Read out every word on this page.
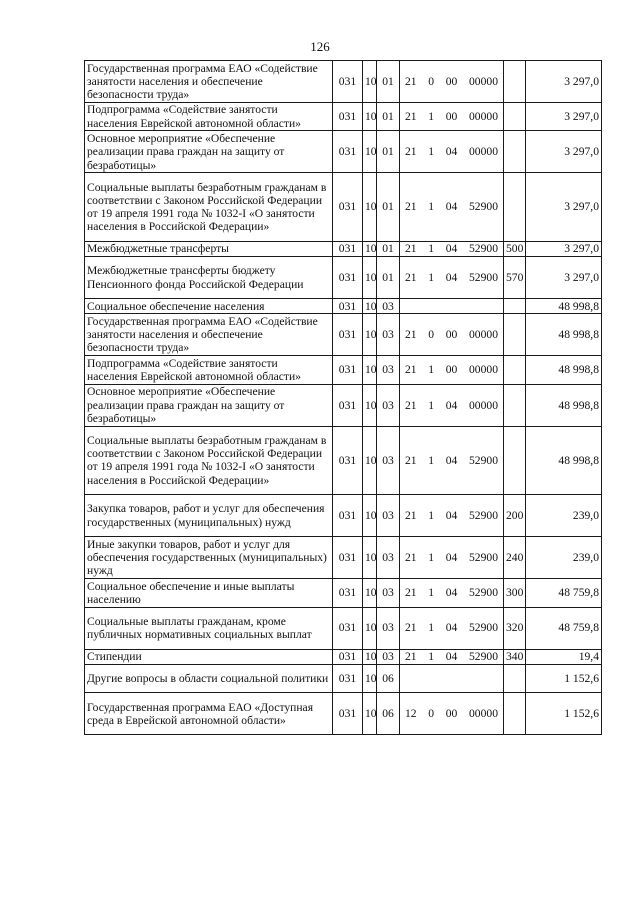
126
Государственная программа ЕАО «Содействие занятости населения и обеспечение безопасности труда»	031	10	01	21 0 00 00000		3 297,0
Подпрограмма «Содействие занятости населения Еврейской автономной области»	031	10	01	21 1 00 00000		3 297,0
Основное мероприятие «Обеспечение реализации права граждан на защиту от безработицы»	031	10	01	21 1 04 00000		3 297,0
Социальные выплаты безработным гражданам в соответствии с Законом Российской Федерации от 19 апреля 1991 года № 1032-I «О занятости населения в Российской Федерации»	031	10	01	21 1 04 52900		3 297,0
Межбюджетные трансферты	031	10	01	21 1 04 52900	500	3 297,0
Межбюджетные трансферты бюджету Пенсионного фонда Российской Федерации	031	10	01	21 1 04 52900	570	3 297,0
Социальное обеспечение населения	031	10	03			48 998,8
Государственная программа ЕАО «Содействие занятости населения и обеспечение безопасности труда»	031	10	03	21 0 00 00000		48 998,8
Подпрограмма «Содействие занятости населения Еврейской автономной области»	031	10	03	21 1 00 00000		48 998,8
Основное мероприятие «Обеспечение реализации права граждан на защиту от безработицы»	031	10	03	21 1 04 00000		48 998,8
Социальные выплаты безработным гражданам в соответствии с Законом Российской Федерации от 19 апреля 1991 года № 1032-I «О занятости населения в Российской Федерации»	031	10	03	21 1 04 52900		48 998,8
Закупка товаров, работ и услуг для обеспечения государственных (муниципальных) нужд	031	10	03	21 1 04 52900	200	239,0
Иные закупки товаров, работ и услуг для обеспечения государственных (муниципальных) нужд	031	10	03	21 1 04 52900	240	239,0
Социальное обеспечение и иные выплаты населению	031	10	03	21 1 04 52900	300	48 759,8
Социальные выплаты гражданам, кроме публичных нормативных социальных выплат	031	10	03	21 1 04 52900	320	48 759,8
Стипендии	031	10	03	21 1 04 52900	340	19,4
Другие вопросы в области социальной политики	031	10	06			1 152,6
Государственная программа ЕАО «Доступная среда в Еврейской автономной области»	031	10	06	12 0 00 00000		1 152,6
